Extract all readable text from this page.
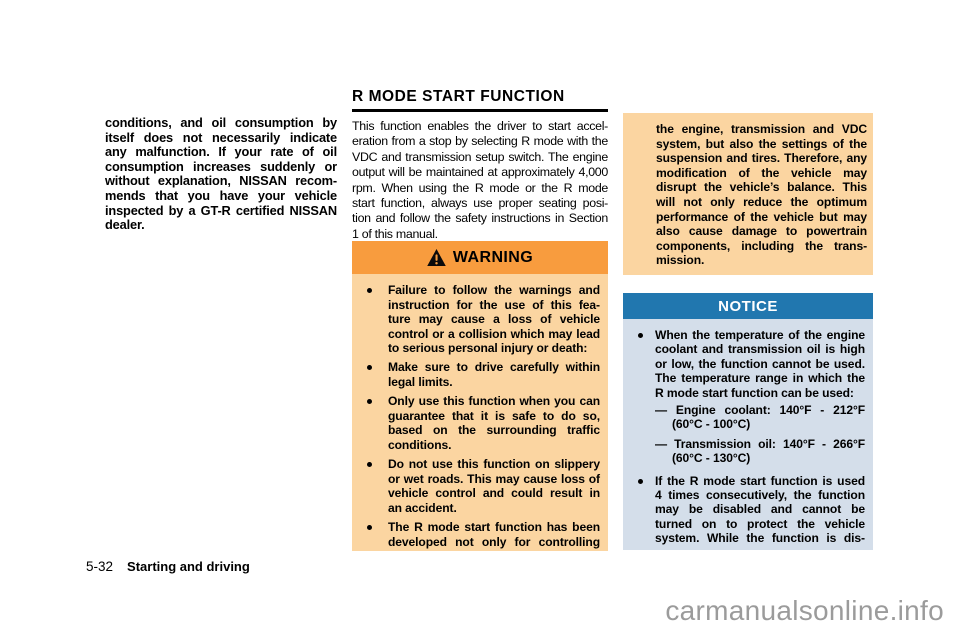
conditions, and oil consumption by
itself does not necessarily indicate
any malfunction. If your rate of oil
consumption increases suddenly or
without explanation, NISSAN recom-
mends that you have your vehicle
inspected by a GT-R certified NISSAN
dealer.
R MODE START FUNCTION
This function enables the driver to start accel-
eration from a stop by selecting R mode with the
VDC and transmission setup switch. The engine
output will be maintained at approximately 4,000
rpm. When using the R mode or the R mode
start function, always use proper seating posi-
tion and follow the safety instructions in Section
1 of this manual.
WARNING
Failure to follow the warnings and
instruction for the use of this fea-
ture may cause a loss of vehicle
control or a collision which may lead
to serious personal injury or death:
Make sure to drive carefully within
legal limits.
Only use this function when you can
guarantee that it is safe to do so,
based on the surrounding traffic
conditions.
Do not use this function on slippery
or wet roads. This may cause loss of
vehicle control and could result in
an accident.
The R mode start function has been
developed not only for controlling
the engine, transmission and VDC
system, but also the settings of the
suspension and tires. Therefore, any
modification of the vehicle may
disrupt the vehicle’s balance. This
will not only reduce the optimum
performance of the vehicle but may
also cause damage to powertrain
components, including the trans-
mission.
NOTICE
When the temperature of the engine
coolant and transmission oil is high
or low, the function cannot be used.
The temperature range in which the
R mode start function can be used:
— Engine coolant: 140°F - 212°F
(60°C - 100°C)
— Transmission oil: 140°F - 266°F
(60°C - 130°C)
If the R mode start function is used
4 times consecutively, the function
may be disabled and cannot be
turned on to protect the vehicle
system. While the function is dis-
5-32 Starting and driving
carmanualsonline.info
